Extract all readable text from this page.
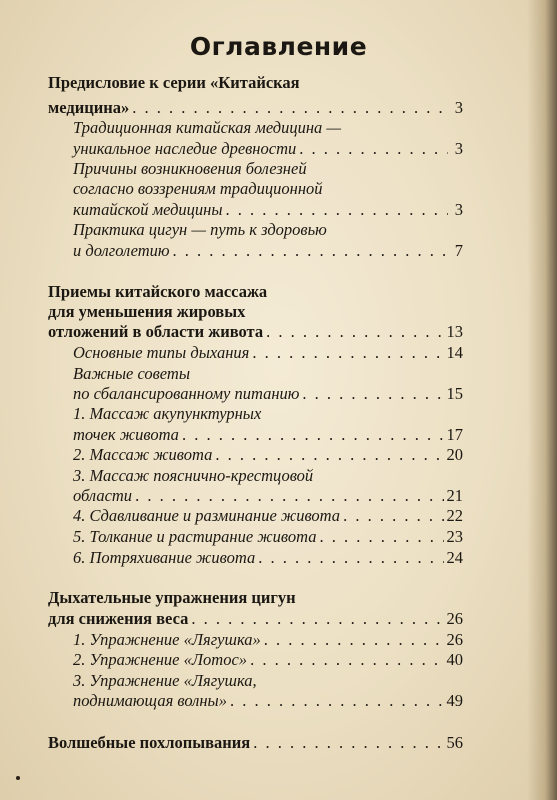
Оглавление
Предисловие к серии «Китайская
медицина» . . .	3
Традиционная китайская медицина —
уникальное наследие древности . . .	3
Причины возникновения болезней
согласно воззрениям традиционной
китайской медицины . . .	3
Практика цигун — путь к здоровью
и долголетию . . .	7
Приемы китайского массажа
для уменьшения жировых
отложений в области живота . . .	13
Основные типы дыхания . . .	14
Важные советы
по сбалансированному питанию . . .	15
1. Массаж акупунктурных
точек живота . . .	17
2. Массаж живота . . .	20
3. Массаж пояснично-крестцовой
области . . .	21
4. Сдавливание и разминание живота . . .	22
5. Толкание и растирание живота . . .	23
6. Потряхивание живота . . .	24
Дыхательные упражнения цигун
для снижения веса . . .	26
1. Упражнение «Лягушка» . . .	26
2. Упражнение «Лотос» . . .	40
3. Упражнение «Лягушка,
поднимающая волны» . . .	49
Волшебные похлопывания . . .	56
